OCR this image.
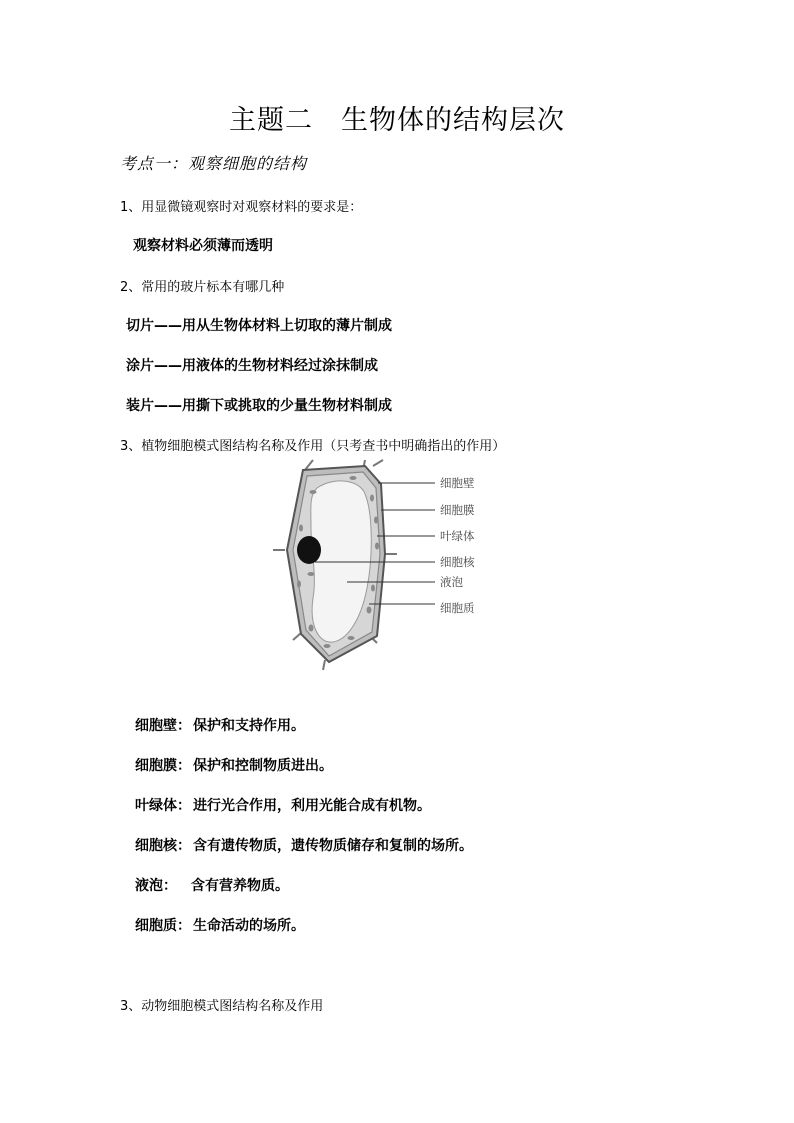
主题二　生物体的结构层次
考点一：观察细胞的结构
1、用显微镜观察时对观察材料的要求是：
观察材料必须薄而透明
2、常用的玻片标本有哪几种
切片——用从生物体材料上切取的薄片制成
涂片——用液体的生物材料经过涂抹制成
装片——用撕下或挑取的少量生物材料制成
3、植物细胞模式图结构名称及作用（只考查书中明确指出的作用）
细胞壁
细胞膜
叶绿体
细胞核
液泡
细胞质
细胞壁： 保护和支持作用。
细胞膜： 保护和控制物质进出。
叶绿体： 进行光合作用，利用光能合成有机物。
细胞核： 含有遗传物质，遗传物质储存和复制的场所。
液泡： 含有营养物质。
细胞质： 生命活动的场所。
3、动物细胞模式图结构名称及作用
